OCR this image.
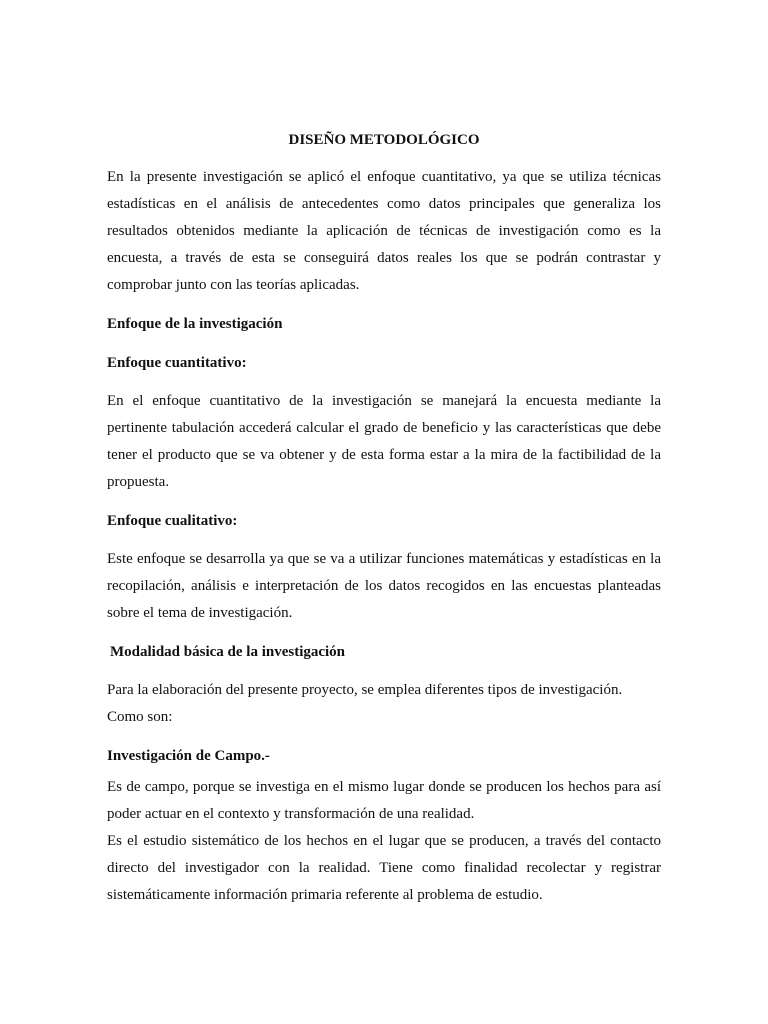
DISEÑO METODOLÓGICO

En la presente investigación se aplicó el enfoque cuantitativo, ya que se utiliza técnicas estadísticas en el análisis de antecedentes como datos principales que generaliza los resultados obtenidos mediante la aplicación de técnicas de investigación como es la encuesta, a través de esta se conseguirá datos reales los que se podrán contrastar y comprobar junto con las teorías aplicadas.

Enfoque de la investigación
Enfoque cuantitativo:

En el enfoque cuantitativo de la investigación se manejará la encuesta mediante la pertinente tabulación accederá calcular el grado de beneficio y las características que debe tener el producto que se va obtener y de esta forma estar a la mira de la factibilidad de la propuesta.

Enfoque cualitativo:

Este enfoque se desarrolla ya que se va a utilizar funciones matemáticas y estadísticas en la recopilación, análisis e interpretación de los datos recogidos en las encuestas planteadas sobre el tema de investigación.

Modalidad básica de la investigación

Para la elaboración del presente proyecto, se emplea diferentes tipos de investigación.

Como son:

Investigación de Campo.-

Es de campo, porque se investiga en el mismo lugar donde se producen los hechos para así poder actuar en el contexto y transformación de una realidad.

Es el estudio sistemático de los hechos en el lugar que se producen, a través del contacto directo del investigador con la realidad. Tiene como finalidad recolectar y registrar sistemáticamente información primaria referente al problema de estudio.
